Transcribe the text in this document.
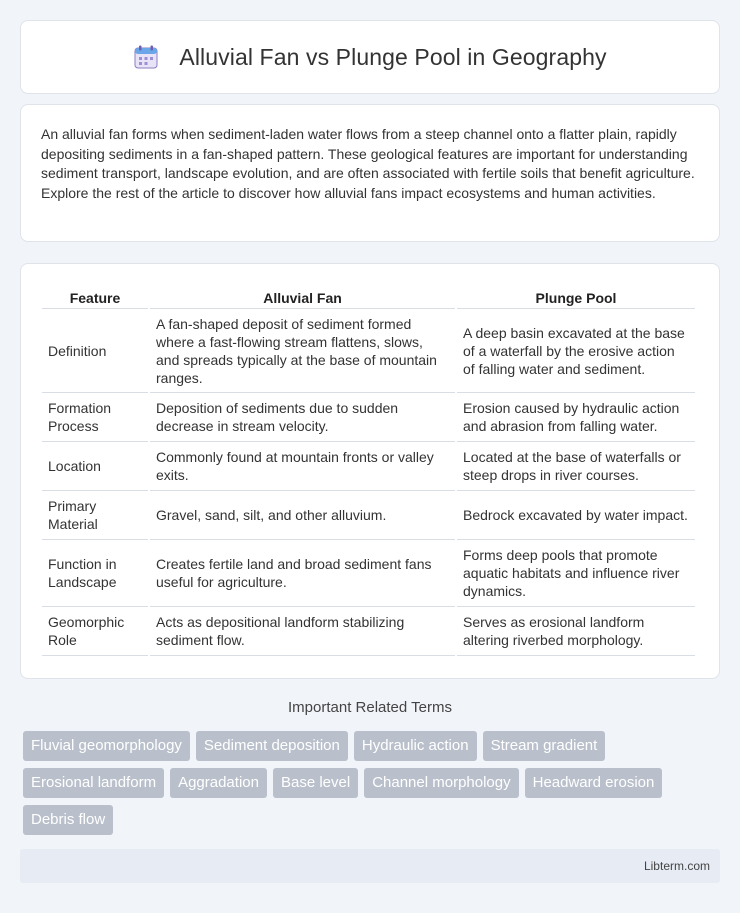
Alluvial Fan vs Plunge Pool in Geography

An alluvial fan forms when sediment-laden water flows from a steep channel onto a flatter plain, rapidly depositing sediments in a fan-shaped pattern. These geological features are important for understanding sediment transport, landscape evolution, and are often associated with fertile soils that benefit agriculture. Explore the rest of the article to discover how alluvial fans impact ecosystems and human activities.

Feature	Alluvial Fan	Plunge Pool
Definition	A fan-shaped deposit of sediment formed where a fast-flowing stream flattens, slows, and spreads typically at the base of mountain ranges.	A deep basin excavated at the base of a waterfall by the erosive action of falling water and sediment.
Formation Process	Deposition of sediments due to sudden decrease in stream velocity.	Erosion caused by hydraulic action and abrasion from falling water.
Location	Commonly found at mountain fronts or valley exits.	Located at the base of waterfalls or steep drops in river courses.
Primary Material	Gravel, sand, silt, and other alluvium.	Bedrock excavated by water impact.
Function in Landscape	Creates fertile land and broad sediment fans useful for agriculture.	Forms deep pools that promote aquatic habitats and influence river dynamics.
Geomorphic Role	Acts as depositional landform stabilizing sediment flow.	Serves as erosional landform altering riverbed morphology.
Important Related Terms
Fluvial geomorphology	Sediment deposition	Hydraulic action	Stream gradient
Erosional landform	Aggradation	Base level	Channel morphology	Headward erosion
Debris flow
Libterm.com
